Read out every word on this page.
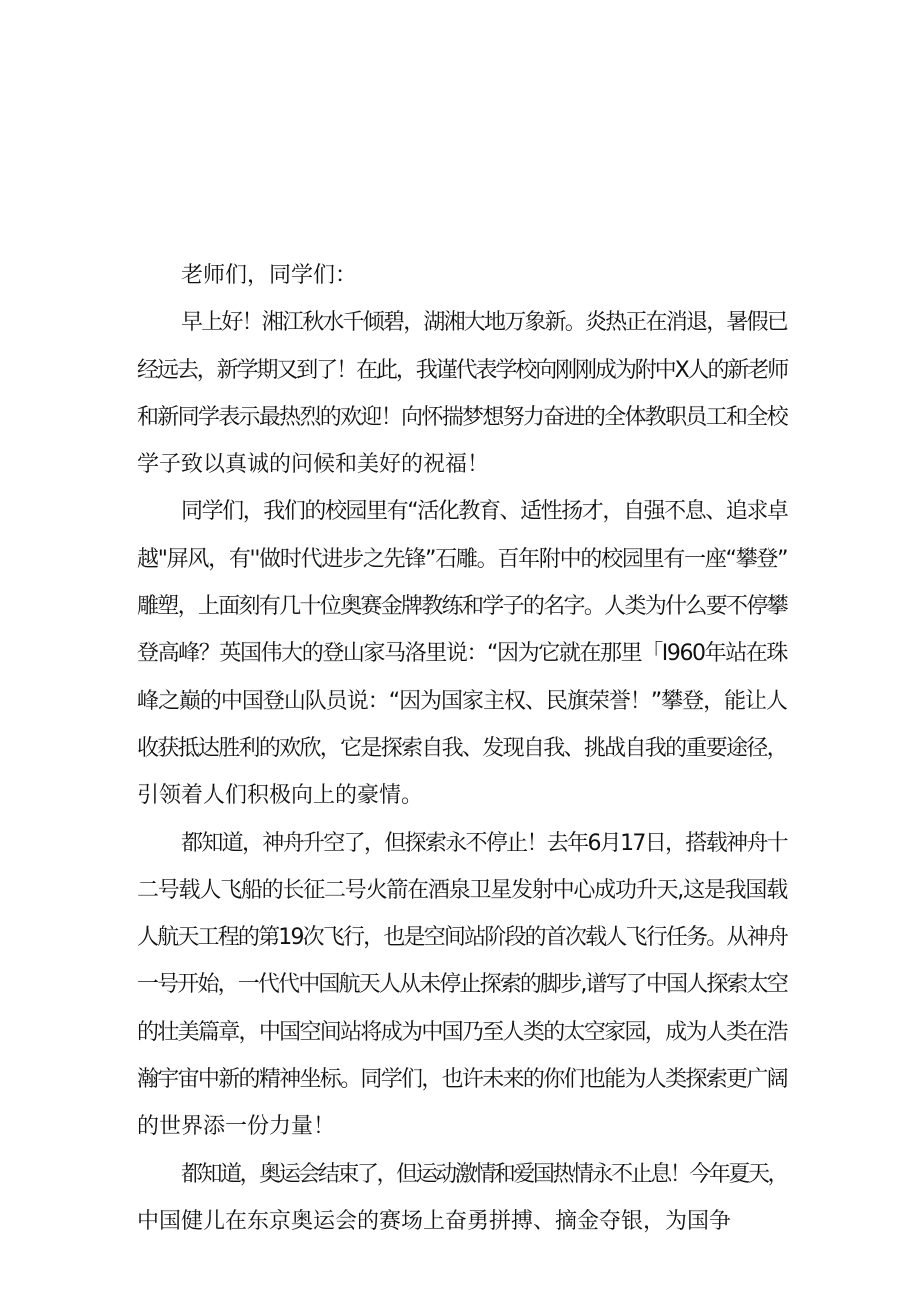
老师们，同学们：
早上好！湘江秋水千倾碧，湖湘大地万象新。炎热正在消退，暑假已
经远去，新学期又到了！在此，我谨代表学校向刚刚成为附中X人的新老师
和新同学表示最热烈的欢迎！向怀揣梦想努力奋进的全体教职员工和全校
学子致以真诚的问候和美好的祝福！
同学们，我们的校园里有“活化教育、适性扬才，自强不息、追求卓
越"屏风，有''做时代进步之先锋”石雕。百年附中的校园里有一座“攀登”
雕塑，上面刻有几十位奥赛金牌教练和学子的名字。人类为什么要不停攀
登高峰？英国伟大的登山家马洛里说：“因为它就在那里「I960年站在珠
峰之巅的中国登山队员说：“因为国家主权、民旗荣誉！”攀登，能让人
收获抵达胜利的欢欣，它是探索自我、发现自我、挑战自我的重要途径，
引领着人们积极向上的豪情。
都知道，神舟升空了，但探索永不停止！去年6月17日，搭载神舟十
二号载人飞船的长征二号火箭在酒泉卫星发射中心成功升天,这是我国载
人航天工程的第19次飞行，也是空间站阶段的首次载人飞行任务。从神舟
一号开始，一代代中国航天人从未停止探索的脚步,谱写了中国人探索太空
的壮美篇章，中国空间站将成为中国乃至人类的太空家园，成为人类在浩
瀚宇宙中新的精神坐标。同学们，也许未来的你们也能为人类探索更广阔
的世界添一份力量！
都知道，奥运会结束了，但运动激情和爱国热情永不止息！今年夏天，
中国健儿在东京奥运会的赛场上奋勇拼搏、摘金夺银，为国争
